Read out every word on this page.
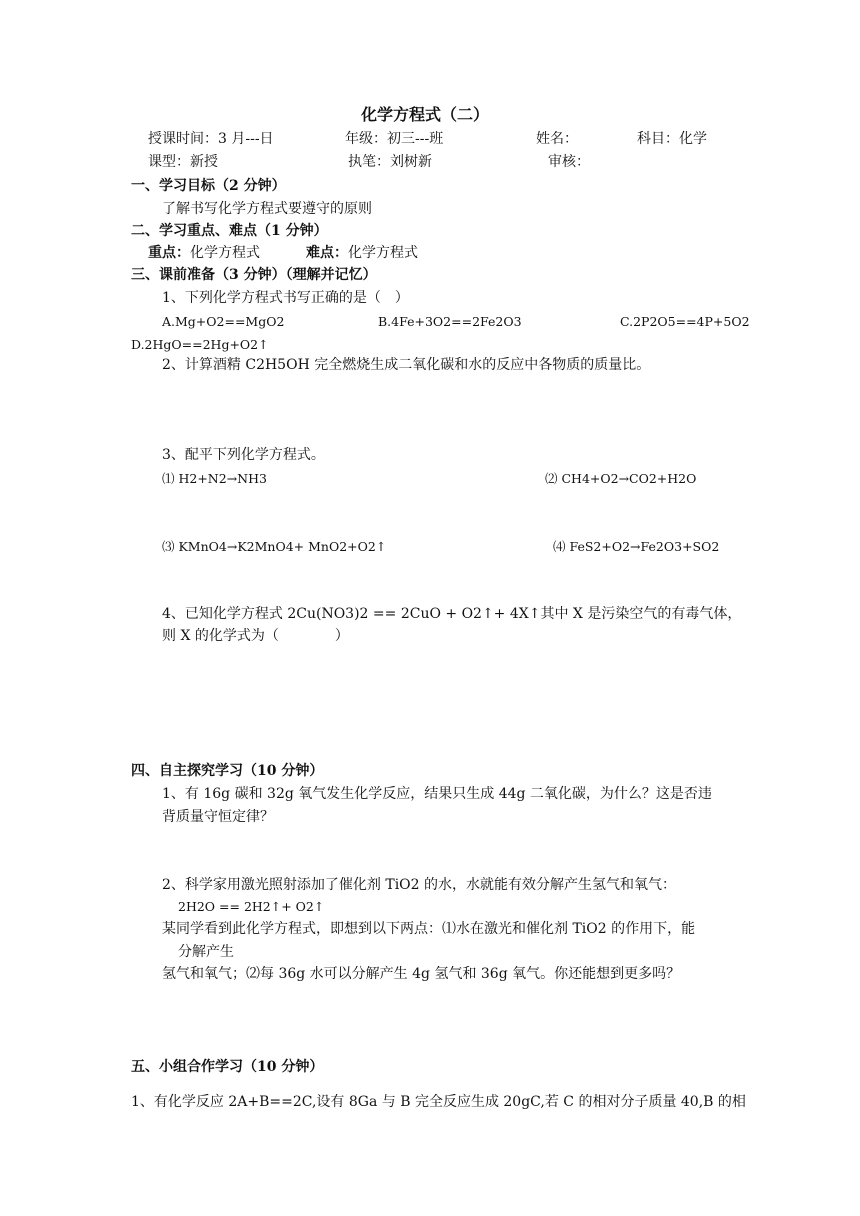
化学方程式（二）
授课时间：3 月---日	年级：初三---班	姓名：	科目：化学
课型：新授	执笔：刘树新	审核：
一、学习目标（2 分钟）
了解书写化学方程式要遵守的原则
二、学习重点、难点（1 分钟）
重点：化学方程式	难点：化学方程式
三、课前准备（3 分钟）（理解并记忆）
1、下列化学方程式书写正确的是（　）
A.Mg+O2==MgO2	B.4Fe+3O2==2Fe2O3	C.2P2O5==4P+5O2
D.2HgO==2Hg+O2↑
2、计算酒精 C2H5OH 完全燃烧生成二氧化碳和水的反应中各物质的质量比。
3、配平下列化学方程式。
⑴ H2+N2→NH3	⑵ CH4+O2→CO2+H2O
⑶ KMnO4→K2MnO4+ MnO2+O2↑	⑷ FeS2+O2→Fe2O3+SO2
4、已知化学方程式 2Cu(NO3)2 == 2CuO + O2↑+ 4X↑其中 X 是污染空气的有毒气体，
则 X 的化学式为（　　　　）
四、自主探究学习（10 分钟）
1、有 16g 碳和 32g 氧气发生化学反应，结果只生成 44g 二氧化碳，为什么？这是否违
背质量守恒定律？
2、科学家用激光照射添加了催化剂 TiO2 的水，水就能有效分解产生氢气和氧气：
2H2O == 2H2↑+ O2↑
某同学看到此化学方程式，即想到以下两点：⑴水在激光和催化剂 TiO2 的作用下，能
分解产生
氢气和氧气；⑵每 36g 水可以分解产生 4g 氢气和 36g 氧气。你还能想到更多吗？
五、小组合作学习（10 分钟）
1、有化学反应 2A+B==2C,设有 8Ga 与 B 完全反应生成 20gC,若 C 的相对分子质量 40,B 的相
